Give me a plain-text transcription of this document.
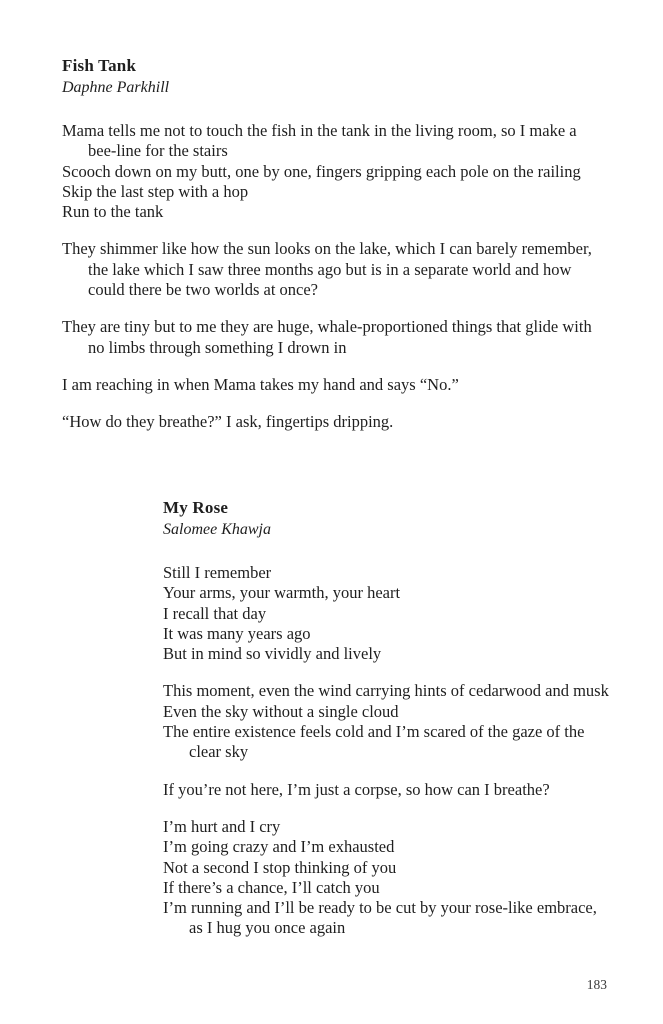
Fish Tank
Daphne Parkhill
Mama tells me not to touch the fish in the tank in the living room, so I make a
bee-line for the stairs
Scooch down on my butt, one by one, fingers gripping each pole on the railing
Skip the last step with a hop
Run to the tank
They shimmer like how the sun looks on the lake, which I can barely remember,
the lake which I saw three months ago but is in a separate world and how
could there be two worlds at once?
They are tiny but to me they are huge, whale-proportioned things that glide with
no limbs through something I drown in
I am reaching in when Mama takes my hand and says “No.”
“How do they breathe?” I ask, fingertips dripping.
My Rose
Salomee Khawja
Still I remember
Your arms, your warmth, your heart
I recall that day
It was many years ago
But in mind so vividly and lively
This moment, even the wind carrying hints of cedarwood and musk
Even the sky without a single cloud
The entire existence feels cold and I’m scared of the gaze of the
clear sky
If you’re not here, I’m just a corpse, so how can I breathe?
I’m hurt and I cry
I’m going crazy and I’m exhausted
Not a second I stop thinking of you
If there’s a chance, I’ll catch you
I’m running and I’ll be ready to be cut by your rose-like embrace,
as I hug you once again
183
